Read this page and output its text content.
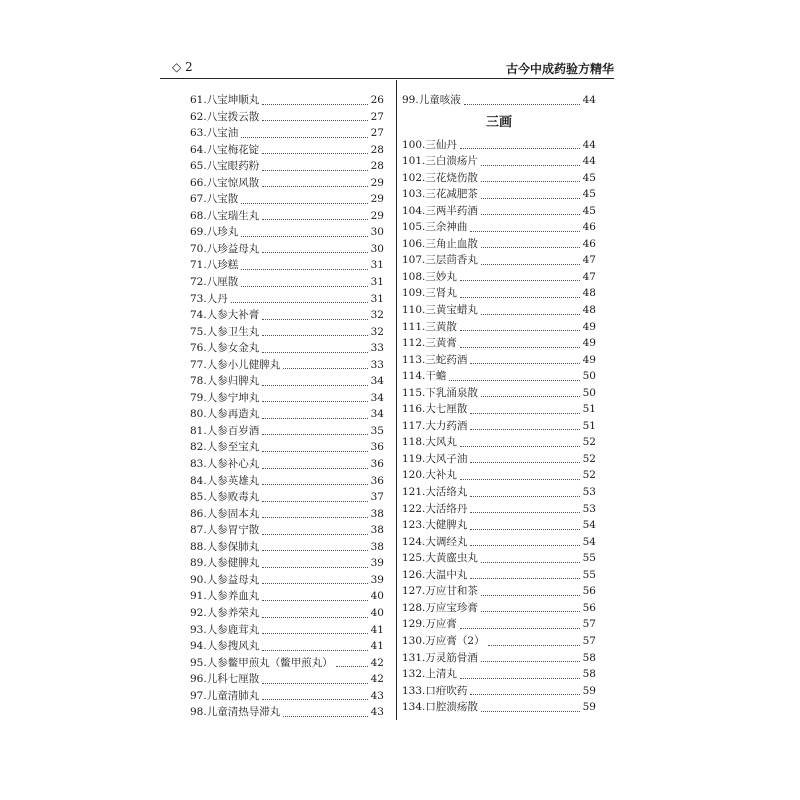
◇ 2	古今中成药验方精华
61. 八宝坤顺丸	26
62. 八宝拨云散	27
63. 八宝油	27
64. 八宝梅花锭	28
65. 八宝眼药粉	28
66. 八宝惊风散	29
67. 八宝散	29
68. 八宝瑞生丸	29
69. 八珍丸	30
70. 八珍益母丸	30
71. 八珍糕	31
72. 八厘散	31
73. 人丹	31
74. 人参大补膏	32
75. 人参卫生丸	32
76. 人参女金丸	33
77. 人参小儿健脾丸	33
78. 人参归脾丸	34
79. 人参宁坤丸	34
80. 人参再造丸	34
81. 人参百岁酒	35
82. 人参至宝丸	36
83. 人参补心丸	36
84. 人参英雄丸	36
85. 人参败毒丸	37
86. 人参固本丸	38
87. 人参胃宁散	38
88. 人参保肺丸	38
89. 人参健脾丸	39
90. 人参益母丸	39
91. 人参养血丸	40
92. 人参养荣丸	40
93. 人参鹿茸丸	41
94. 人参搜风丸	41
95. 人参鳖甲煎丸（鳖甲煎丸）	42
96. 儿科七厘散	42
97. 儿童清肺丸	43
98. 儿童清热导滞丸	43
99. 儿童咳液	44
三画
100. 三仙丹	44
101. 三白溃疡片	44
102. 三花烧伤散	45
103. 三花减肥茶	45
104. 三两半药酒	45
105. 三余神曲	46
106. 三角止血散	46
107. 三层茴香丸	47
108. 三妙丸	47
109. 三肾丸	48
110. 三黄宝蜡丸	48
111. 三黄散	49
112. 三黄膏	49
113. 三蛇药酒	49
114. 干蟾	50
115. 下乳涌泉散	50
116. 大七厘散	51
117. 大力药酒	51
118. 大风丸	52
119. 大风子油	52
120. 大补丸	52
121. 大活络丸	53
122. 大活络丹	53
123. 大健脾丸	54
124. 大调经丸	54
125. 大黄䗪虫丸	55
126. 大温中丸	55
127. 万应甘和茶	56
128. 万应宝珍膏	56
129. 万应膏	57
130. 万应膏（2）	57
131. 万灵筋骨酒	58
132. 上清丸	58
133. 口疳吹药	59
134. 口腔溃疡散	59
